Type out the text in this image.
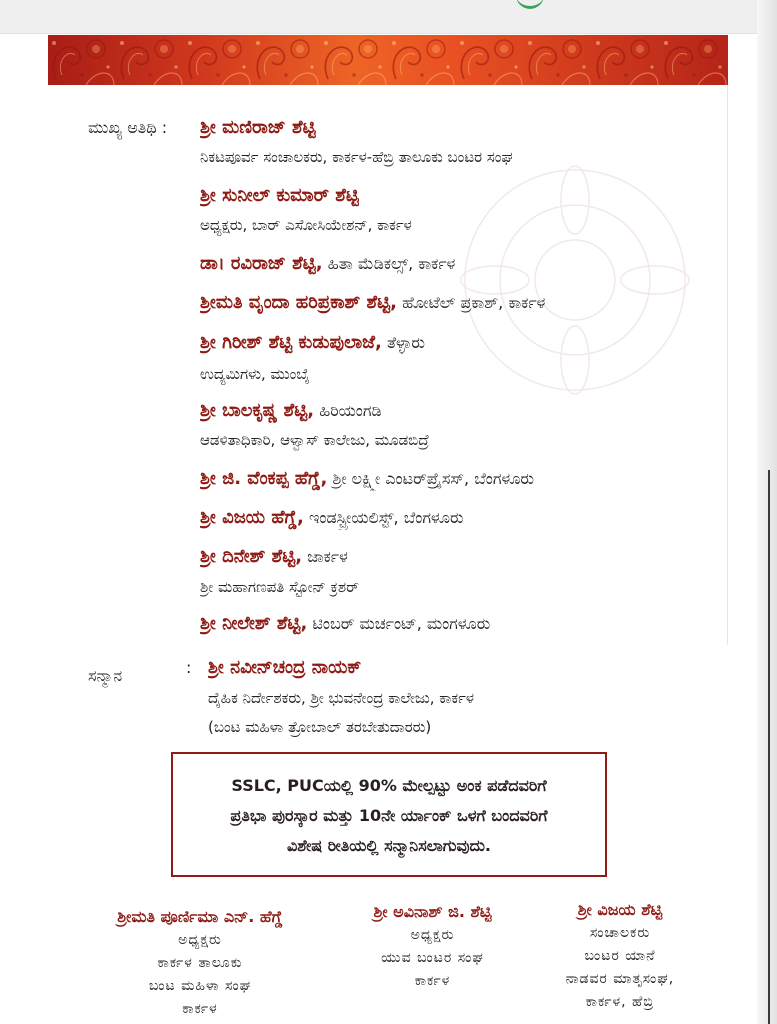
ಮುಖ್ಯ ಅತಿಥಿ : ಶ್ರೀ ಮಣಿರಾಜ್ ಶೆಟ್ಟಿ
ನಿಕಟಪೂರ್ವ ಸಂಚಾಲಕರು, ಕಾರ್ಕಳ-ಹೆಬ್ರಿ ತಾಲೂಕು ಬಂಟರ ಸಂಘ
ಶ್ರೀ ಸುನೀಲ್ ಕುಮಾರ್ ಶೆಟ್ಟಿ
ಅಧ್ಯಕ್ಷರು, ಬಾರ್ ಎಸೋಸಿಯೇಶನ್, ಕಾರ್ಕಳ
ಡಾ। ರವಿರಾಜ್ ಶೆಟ್ಟಿ, ಹಿತಾ ಮೆಡಿಕಲ್ಸ್, ಕಾರ್ಕಳ
ಶ್ರೀಮತಿ ವೃಂದಾ ಹರಿಪ್ರಕಾಶ್ ಶೆಟ್ಟಿ, ಹೋಟೆಲ್ ಪ್ರಕಾಶ್, ಕಾರ್ಕಳ
ಶ್ರೀ ಗಿರೀಶ್ ಶೆಟ್ಟಿ ಕುಡುಪುಲಾಜೆ, ತೆಳ್ಳಾರು
ಉದ್ಯಮಿಗಳು, ಮುಂಬೈ
ಶ್ರೀ ಬಾಲಕೃಷ್ಣ ಶೆಟ್ಟಿ, ಹಿರಿಯಂಗಡಿ
ಆಡಳಿತಾಧಿಕಾರಿ, ಆಳ್ವಾಸ್ ಕಾಲೇಜು, ಮೂಡಬಿದ್ರೆ
ಶ್ರೀ ಜಿ. ವೆಂಕಪ್ಪ ಹೆಗ್ಡೆ, ಶ್ರೀ ಲಕ್ಷ್ಮೀ ಎಂಟರ್‌ಪ್ರೈಸಸ್, ಬೆಂಗಳೂರು
ಶ್ರೀ ವಿಜಯ ಹೆಗ್ಡೆ, ಇಂಡಸ್ಟ್ರೀಯಲಿಸ್ಟ್, ಬೆಂಗಳೂರು
ಶ್ರೀ ದಿನೇಶ್ ಶೆಟ್ಟಿ, ಜಾರ್ಕಳ
ಶ್ರೀ ಮಹಾಗಣಪತಿ ಸ್ಟೋನ್ ಕ್ರಶರ್
ಶ್ರೀ ನೀಲೇಶ್ ಶೆಟ್ಟಿ, ಟಿಂಬರ್ ಮರ್ಚಂಟ್, ಮಂಗಳೂರು
ಸನ್ಮಾನ	: ಶ್ರೀ ನವೀನ್‌ಚಂದ್ರ ನಾಯಕ್
ದೈಹಿಕ ನಿರ್ದೇಶಕರು, ಶ್ರೀ ಭುವನೇಂದ್ರ ಕಾಲೇಜು, ಕಾರ್ಕಳ
(ಬಂಟ ಮಹಿಳಾ ತ್ರೋಬಾಲ್ ತರಬೇತುದಾರರು)
SSLC, PUCಯಲ್ಲಿ 90% ಮೇಲ್ಪಟ್ಟು ಅಂಕ ಪಡೆದವರಿಗೆ
ಪ್ರತಿಭಾ ಪುರಸ್ಕಾರ ಮತ್ತು 10ನೇ ರ್ಯಾಂಕ್ ಒಳಗೆ ಬಂದವರಿಗೆ
ವಿಶೇಷ ರೀತಿಯಲ್ಲಿ ಸನ್ಮಾನಿಸಲಾಗುವುದು.
ಶ್ರೀಮತಿ ಪೂರ್ಣಿಮಾ ಎನ್. ಹೆಗ್ಡೆ
ಅಧ್ಯಕ್ಷರು
ಕಾರ್ಕಳ ತಾಲೂಕು
ಬಂಟ ಮಹಿಳಾ ಸಂಘ
ಕಾರ್ಕಳ
ಶ್ರೀ ಅವಿನಾಶ್ ಜಿ. ಶೆಟ್ಟಿ
ಅಧ್ಯಕ್ಷರು
ಯುವ ಬಂಟರ ಸಂಘ
ಕಾರ್ಕಳ
ಶ್ರೀ ವಿಜಯ ಶೆಟ್ಟಿ
ಸಂಚಾಲಕರು
ಬಂಟರ ಯಾನೆ
ನಾಡವರ ಮಾತೃಸಂಘ,
ಕಾರ್ಕಳ, ಹೆಬ್ರಿ
